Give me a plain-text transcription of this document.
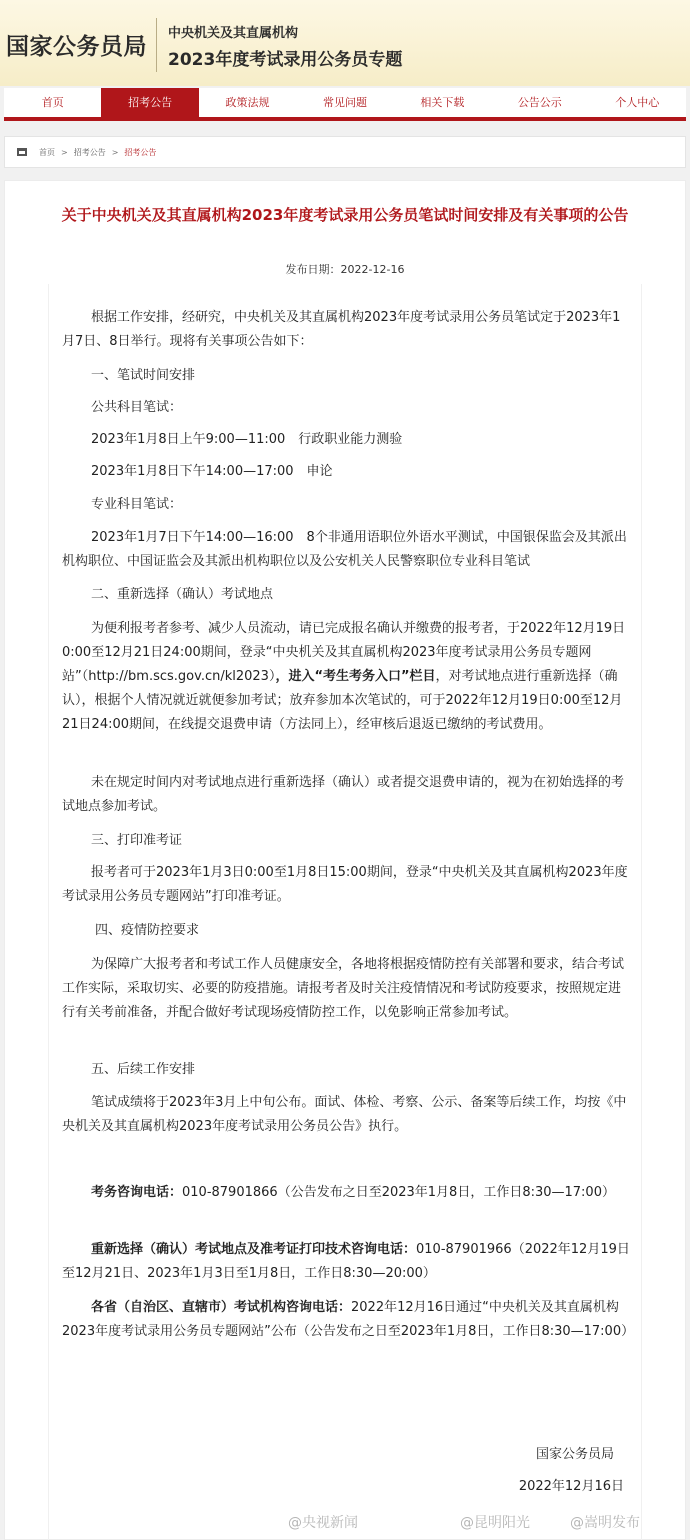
国家公务员局
中央机关及其直属机构
2023年度考试录用公务员专题
首页	招考公告	政策法规	常见问题	相关下载	公告公示	个人中心
首页 > 招考公告 > 招考公告
关于中央机关及其直属机构2023年度考试录用公务员笔试时间安排及有关事项的公告
发布日期：2022-12-16
根据工作安排，经研究，中央机关及其直属机构2023年度考试录用公务员笔试定于2023年1月7日、8日举行。现将有关事项公告如下：
一、笔试时间安排
公共科目笔试：
2023年1月8日上午9:00—11:00　行政职业能力测验
2023年1月8日下午14:00—17:00　申论
专业科目笔试：
2023年1月7日下午14:00—16:00　8个非通用语职位外语水平测试，中国银保监会及其派出机构职位、中国证监会及其派出机构职位以及公安机关人民警察职位专业科目笔试
二、重新选择（确认）考试地点
为便利报考者参考、减少人员流动，请已完成报名确认并缴费的报考者，于2022年12月19日0:00至12月21日24:00期间，登录“中央机关及其直属机构2023年度考试录用公务员专题网站”（http://bm.scs.gov.cn/kl2023），进入“考生考务入口”栏目，对考试地点进行重新选择（确认），根据个人情况就近就便参加考试；放弃参加本次笔试的，可于2022年12月19日0:00至12月21日24:00期间，在线提交退费申请（方法同上），经审核后退返已缴纳的考试费用。
未在规定时间内对考试地点进行重新选择（确认）或者提交退费申请的，视为在初始选择的考试地点参加考试。
三、打印准考证
报考者可于2023年1月3日0:00至1月8日15:00期间，登录“中央机关及其直属机构2023年度考试录用公务员专题网站”打印准考证。
四、疫情防控要求
为保障广大报考者和考试工作人员健康安全，各地将根据疫情防控有关部署和要求，结合考试工作实际，采取切实、必要的防疫措施。请报考者及时关注疫情情况和考试防疫要求，按照规定进行有关考前准备，并配合做好考试现场疫情防控工作，以免影响正常参加考试。
五、后续工作安排
笔试成绩将于2023年3月上中旬公布。面试、体检、考察、公示、备案等后续工作，均按《中央机关及其直属机构2023年度考试录用公务员公告》执行。
考务咨询电话：010-87901866（公告发布之日至2023年1月8日，工作日8:30—17:00）
重新选择（确认）考试地点及准考证打印技术咨询电话：010-87901966（2022年12月19日至12月21日、2023年1月3日至1月8日，工作日8:30—20:00）
各省（自治区、直辖市）考试机构咨询电话：2022年12月16日通过“中央机关及其直属机构2023年度考试录用公务员专题网站”公布（公告发布之日至2023年1月8日，工作日8:30—17:00）
国家公务员局
2022年12月16日
@央视新闻	@昆明阳光	@嵩明发布
